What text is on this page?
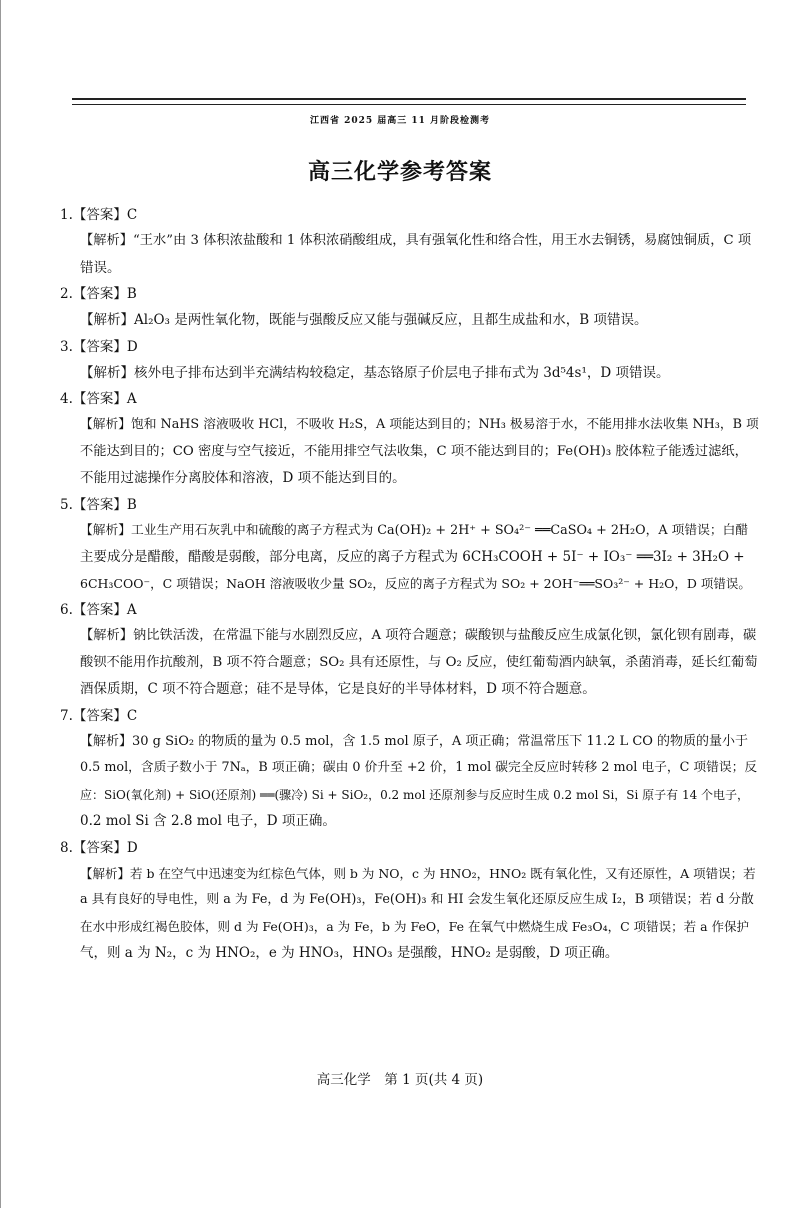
江西省 2025 届高三 11 月阶段检测考
高三化学参考答案
1.【答案】C
【解析】“王水”由 3 体积浓盐酸和 1 体积浓硝酸组成，具有强氧化性和络合性，用王水去铜锈，易腐蚀铜质，C 项
错误。
2.【答案】B
【解析】Al₂O₃ 是两性氧化物，既能与强酸反应又能与强碱反应，且都生成盐和水，B 项错误。
3.【答案】D
【解析】核外电子排布达到半充满结构较稳定，基态铬原子价层电子排布式为 3d⁵4s¹，D 项错误。
4.【答案】A
【解析】饱和 NaHS 溶液吸收 HCl，不吸收 H₂S，A 项能达到目的；NH₃ 极易溶于水，不能用排水法收集 NH₃，B 项
不能达到目的；CO 密度与空气接近，不能用排空气法收集，C 项不能达到目的；Fe(OH)₃ 胶体粒子能透过滤纸，
不能用过滤操作分离胶体和溶液，D 项不能达到目的。
5.【答案】B
【解析】工业生产用石灰乳中和硫酸的离子方程式为 Ca(OH)₂ + 2H⁺ + SO₄²⁻ ══CaSO₄ + 2H₂O，A 项错误；白醋
主要成分是醋酸，醋酸是弱酸，部分电离，反应的离子方程式为 6CH₃COOH + 5I⁻ + IO₃⁻ ══3I₂ + 3H₂O +
6CH₃COO⁻，C 项错误；NaOH 溶液吸收少量 SO₂，反应的离子方程式为 SO₂ + 2OH⁻══SO₃²⁻ + H₂O，D 项错误。
6.【答案】A
【解析】钠比铁活泼，在常温下能与水剧烈反应，A 项符合题意；碳酸钡与盐酸反应生成氯化钡，氯化钡有剧毒，碳
酸钡不能用作抗酸剂，B 项不符合题意；SO₂ 具有还原性，与 O₂ 反应，使红葡萄酒内缺氧，杀菌消毒，延长红葡萄
酒保质期，C 项不符合题意；硅不是导体，它是良好的半导体材料，D 项不符合题意。
7.【答案】C
【解析】30 g SiO₂ 的物质的量为 0.5 mol，含 1.5 mol 原子，A 项正确；常温常压下 11.2 L CO 的物质的量小于
0.5 mol，含质子数小于 7Nₐ，B 项正确；碳由 0 价升至 +2 价，1 mol 碳完全反应时转移 2 mol 电子，C 项错误；反
应：SiO(氧化剂) + SiO(还原剂) ══(骤冷) Si + SiO₂，0.2 mol 还原剂参与反应时生成 0.2 mol Si，Si 原子有 14 个电子，
0.2 mol Si 含 2.8 mol 电子，D 项正确。
8.【答案】D
【解析】若 b 在空气中迅速变为红棕色气体，则 b 为 NO，c 为 HNO₂，HNO₂ 既有氧化性，又有还原性，A 项错误；若
a 具有良好的导电性，则 a 为 Fe，d 为 Fe(OH)₃，Fe(OH)₃ 和 HI 会发生氧化还原反应生成 I₂，B 项错误；若 d 分散
在水中形成红褐色胶体，则 d 为 Fe(OH)₃，a 为 Fe，b 为 FeO，Fe 在氧气中燃烧生成 Fe₃O₄，C 项错误；若 a 作保护
气，则 a 为 N₂，c 为 HNO₂，e 为 HNO₃，HNO₃ 是强酸，HNO₂ 是弱酸，D 项正确。
高三化学　第 1 页(共 4 页)
